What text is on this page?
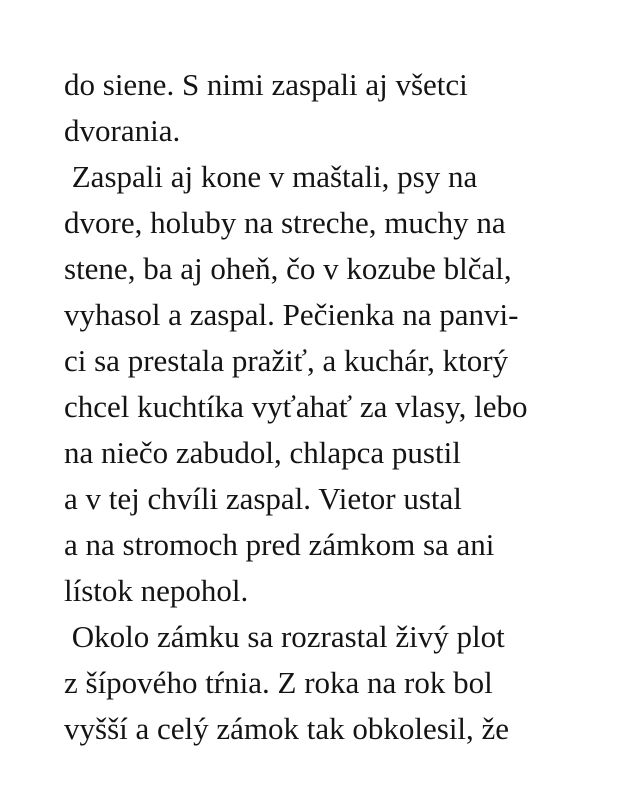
do siene. S nimi zaspali aj všetci
dvorania.
Zaspali aj kone v maštali, psy na
dvore, holuby na streche, muchy na
stene, ba aj oheň, čo v kozube blčal,
vyhasol a zaspal. Pečienka na panvi-
ci sa prestala pražiť, a kuchár, ktorý
chcel kuchtíka vyťahať za vlasy, lebo
na niečo zabudol, chlapca pustil
a v tej chvíli zaspal. Vietor ustal
a na stromoch pred zámkom sa ani
lístok nepohol.
Okolo zámku sa rozrastal živý plot
z šípového tŕnia. Z roka na rok bol
vyšší a celý zámok tak obkolesil, že
